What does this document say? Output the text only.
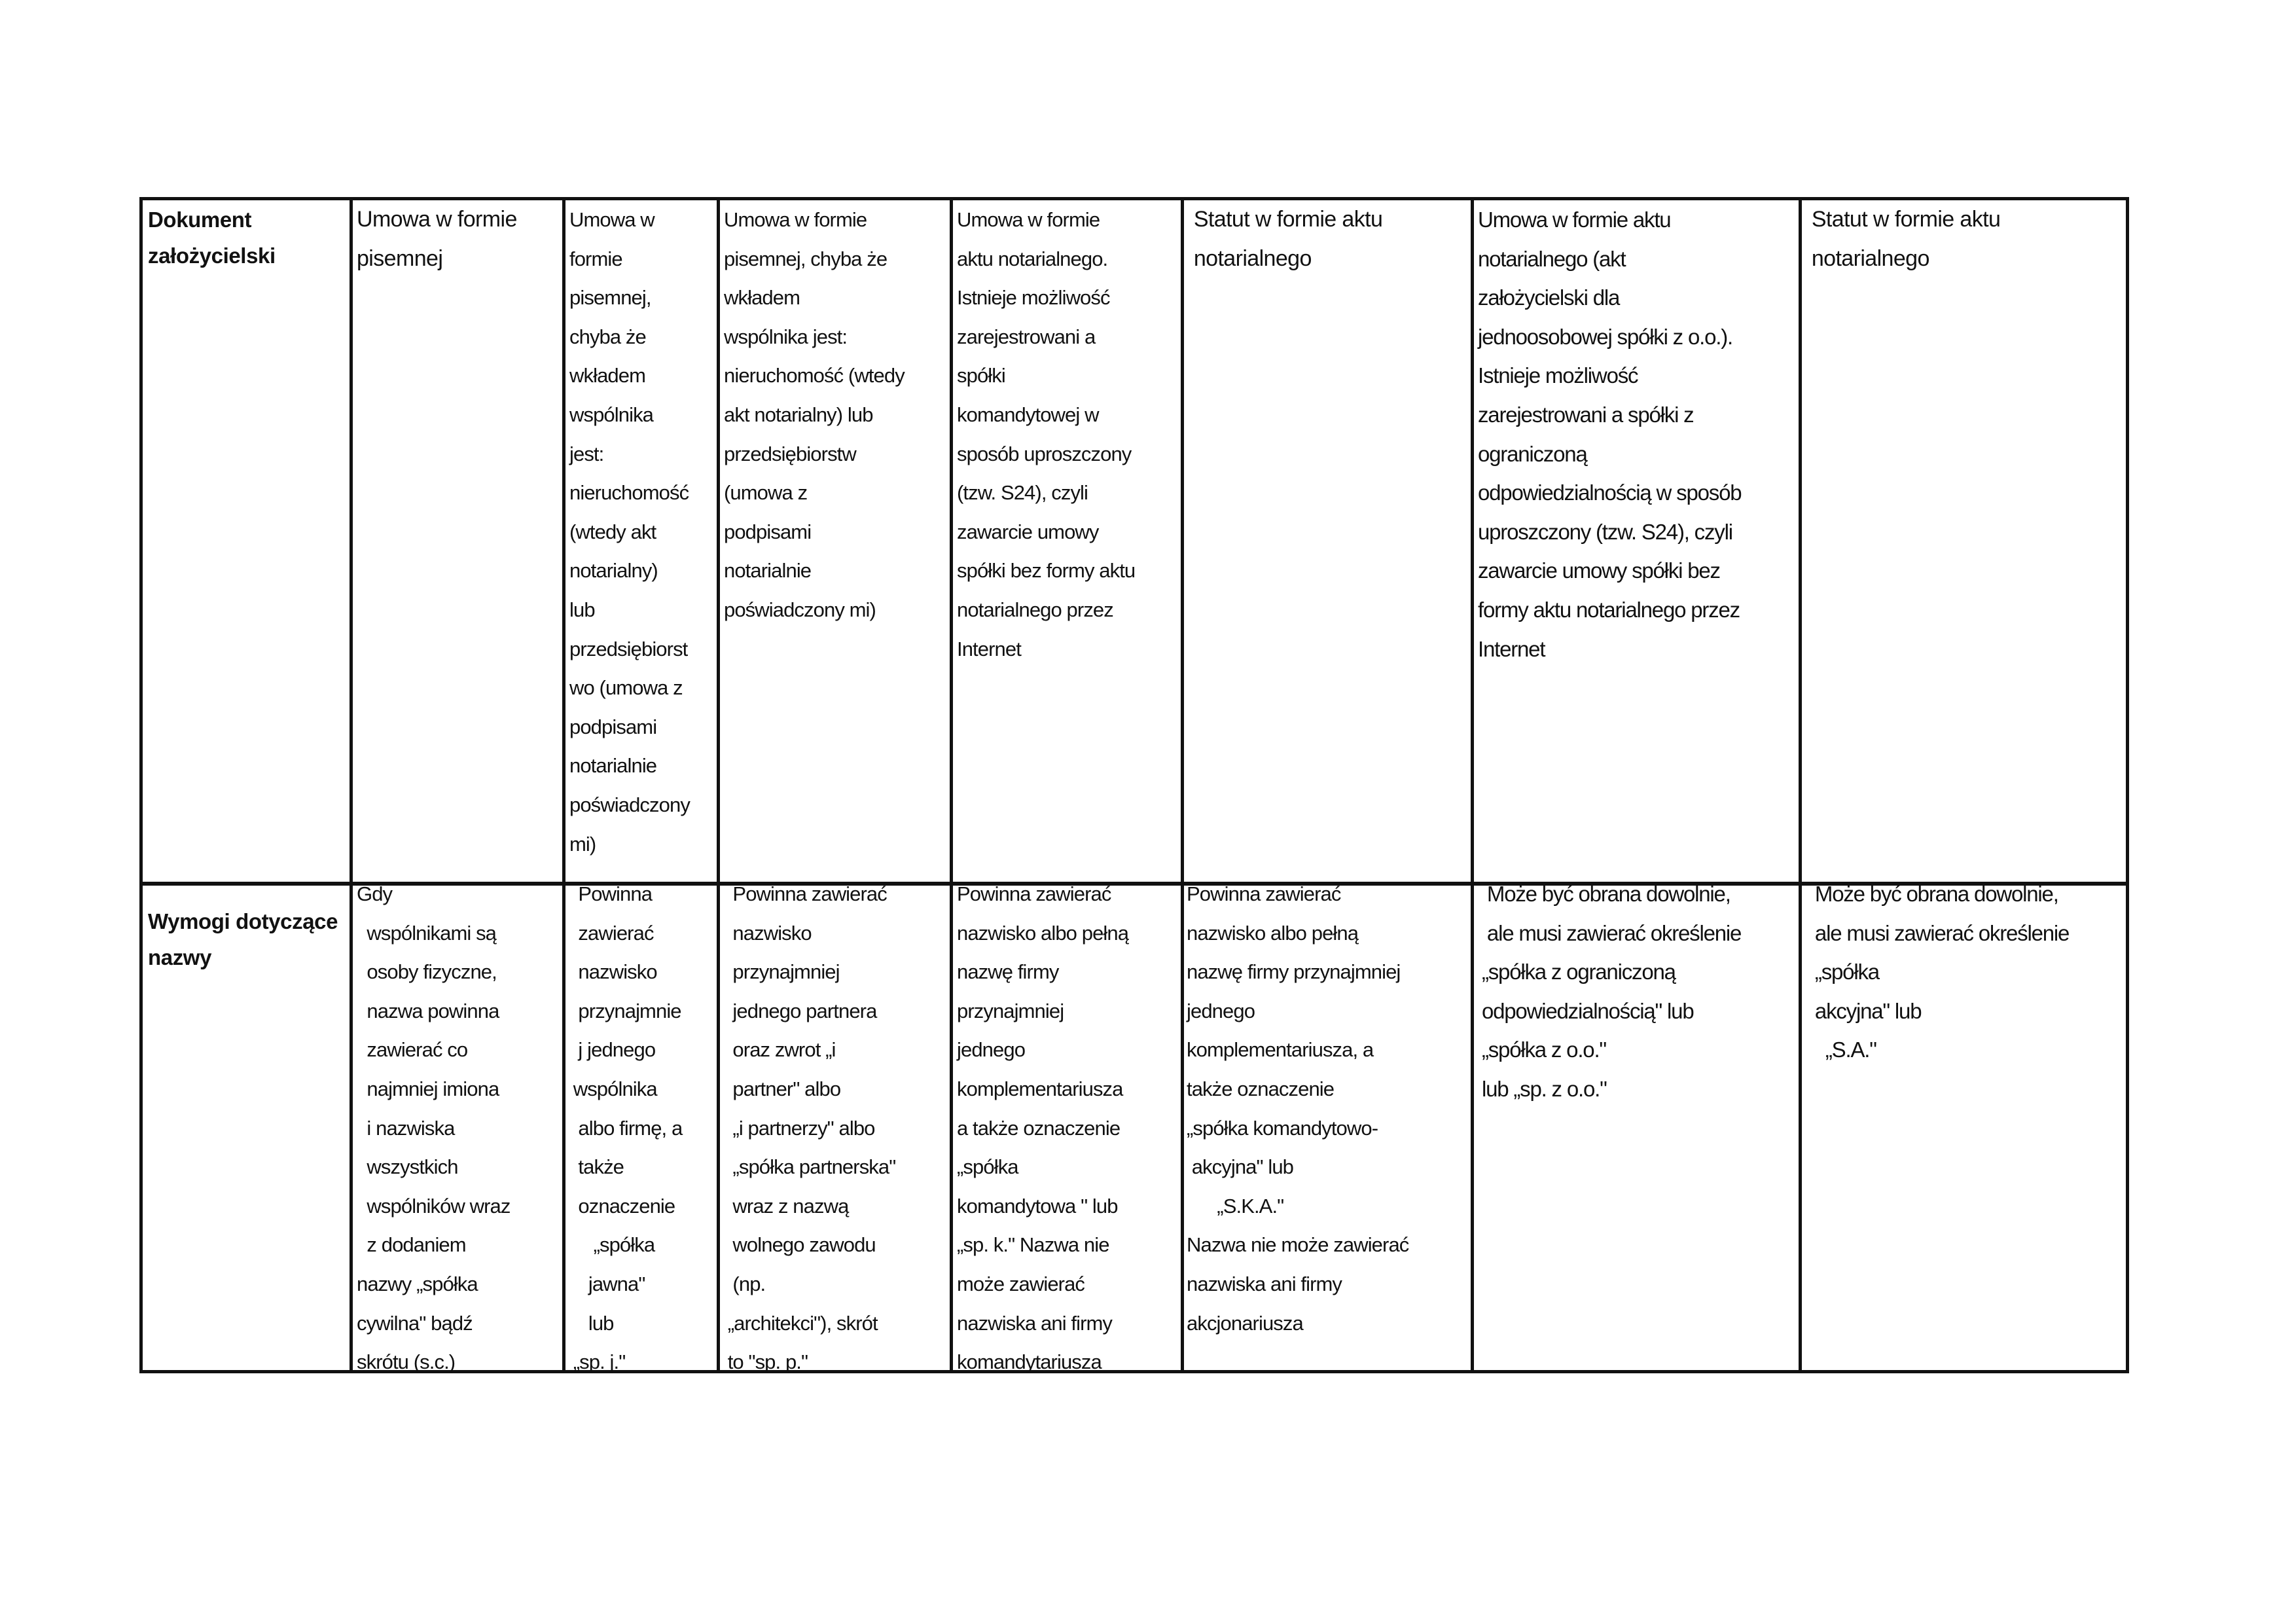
Dokument
założycielski
Umowa w formie
pisemnej
Umowa w
formie
pisemnej,
chyba że
wkładem
wspólnika
jest:
nieruchomość
(wtedy akt
notarialny)
lub
przedsiębiorst
wo (umowa z
podpisami
notarialnie
poświadczony
mi)
Umowa w formie
pisemnej, chyba że
wkładem
wspólnika jest:
nieruchomość (wtedy
akt notarialny) lub
przedsiębiorstw
(umowa z
podpisami
notarialnie
poświadczony mi)
Umowa w formie
aktu notarialnego.
Istnieje możliwość
zarejestrowani a
spółki
komandytowej w
sposób uproszczony
(tzw. S24), czyli
zawarcie umowy
spółki bez formy aktu
notarialnego przez
Internet
Statut w formie aktu
notarialnego
Umowa w formie aktu
notarialnego (akt
założycielski dla
jednoosobowej spółki z o.o.).
Istnieje możliwość
zarejestrowani a spółki z
ograniczoną
odpowiedzialnością w sposób
uproszczony (tzw. S24), czyli
zawarcie umowy spółki bez
formy aktu notarialnego przez
Internet
Statut w formie aktu
notarialnego
Wymogi dotyczące
nazwy
Gdy
wspólnikami są
osoby fizyczne,
nazwa powinna
zawierać co
najmniej imiona
i nazwiska
wszystkich
wspólników wraz
z dodaniem
nazwy „spółka
cywilna" bądź
skrótu (s.c.)
Powinna
zawierać
nazwisko
przynajmnie
j jednego
wspólnika
albo firmę, a
także
oznaczenie
„spółka
jawna"
lub
„sp. j."
Powinna zawierać
nazwisko
przynajmniej
jednego partnera
oraz zwrot „i
partner" albo
„i partnerzy" albo
„spółka partnerska"
wraz z nazwą
wolnego zawodu
(np.
„architekci"), skrót
to "sp. p."
Powinna zawierać
nazwisko albo pełną
nazwę firmy
przynajmniej
jednego
komplementariusza
a także oznaczenie
„spółka
komandytowa " lub
„sp. k." Nazwa nie
może zawierać
nazwiska ani firmy
komandytariusza
Powinna zawierać
nazwisko albo pełną
nazwę firmy przynajmniej
jednego
komplementariusza, a
także oznaczenie
„spółka komandytowo-
akcyjna" lub
„S.K.A."
Nazwa nie może zawierać
nazwiska ani firmy
akcjonariusza
Może być obrana dowolnie,
ale musi zawierać określenie
„spółka z ograniczoną
odpowiedzialnością" lub
„spółka z o.o."
lub „sp. z o.o."
Może być obrana dowolnie,
ale musi zawierać określenie
„spółka
akcyjna" lub
„S.A."
